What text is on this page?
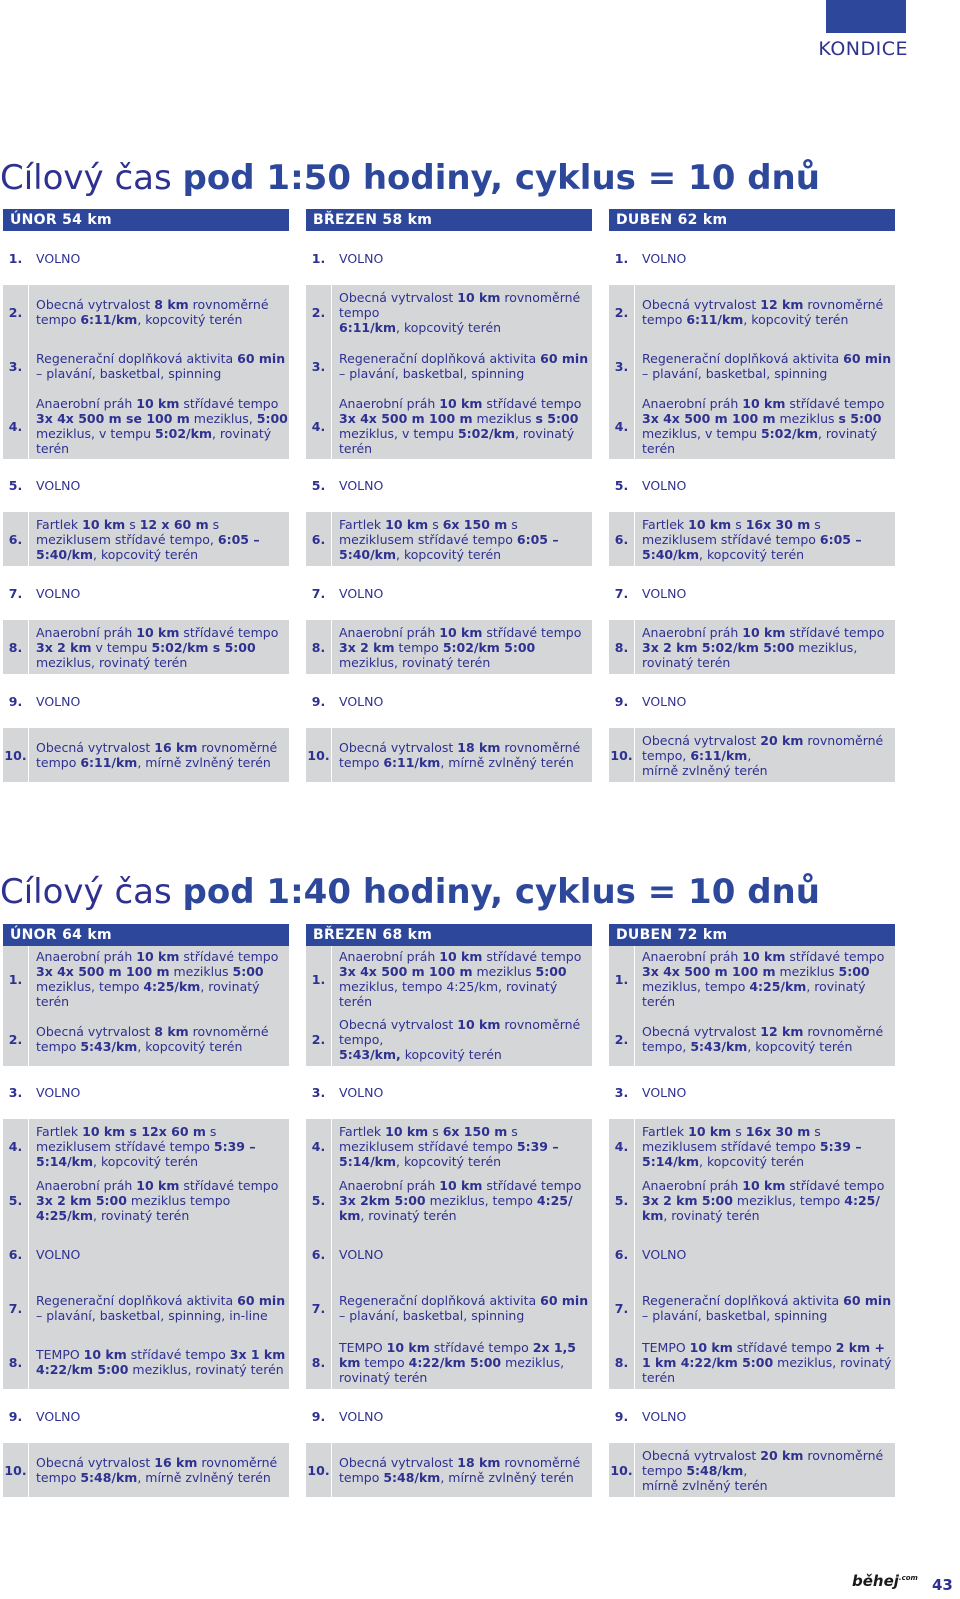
KONDICE
Cílový čas pod 1:50 hodiny, cyklus = 10 dnů
Cílový čas pod 1:40 hodiny, cyklus = 10 dnů
ÚNOR 54 km
1.	VOLNO
2.	Obecná vytrvalost 8 km rovnoměrné tempo 6:11/km, kopcovitý terén
3.	Regenerační doplňková aktivita 60 min – plavání, basketbal, spinning
4.
Anaerobní práh 10 km střídavé tempo 3x 4x 500 m se 100 m meziklus, 5:00 meziklus, v tempu 5:02/km, rovinatý terén
5.	VOLNO
6.
Fartlek 10 km s 12 x 60 m s meziklusem střídavé tempo, 6:05 – 5:40/km, kopcovitý terén
7.	VOLNO
8.
Anaerobní práh 10 km střídavé tempo 3x 2 km v tempu 5:02/km s 5:00 meziklus, rovinatý terén
9.	VOLNO
10. Obecná vytrvalost 16 km rovnoměrné tempo 6:11/km, mírně zvlněný terén
BŘEZEN 58 km
1.	VOLNO
2.
Obecná vytrvalost 10 km rovnoměrné tempo
6:11/km, kopcovitý terén
3.	Regenerační doplňková aktivita 60 min – plavání, basketbal, spinning
4.
Anaerobní práh 10 km střídavé tempo 3x 4x 500 m 100 m meziklus s 5:00 meziklus, v tempu 5:02/km, rovinatý terén
5.	VOLNO
6.
Fartlek 10 km s 6x 150 m s meziklusem střídavé tempo 6:05 – 5:40/km, kopcovitý terén
7.	VOLNO
8.
Anaerobní práh 10 km střídavé tempo 3x 2 km tempo 5:02/km 5:00 meziklus, rovinatý terén
9.	VOLNO
10. Obecná vytrvalost 18 km rovnoměrné tempo 6:11/km, mírně zvlněný terén
DUBEN 62 km
1.	VOLNO
2.	Obecná vytrvalost 12 km rovnoměrné tempo 6:11/km, kopcovitý terén
3.	Regenerační doplňková aktivita 60 min – plavání, basketbal, spinning
4.
Anaerobní práh 10 km střídavé tempo 3x 4x 500 m 100 m meziklus s 5:00 meziklus, v tempu 5:02/km, rovinatý terén
5.	VOLNO
6.
Fartlek 10 km s 16x 30 m s meziklusem střídavé tempo 6:05 – 5:40/km, kopcovitý terén
7.	VOLNO
8.
Anaerobní práh 10 km střídavé tempo 3x 2 km 5:02/km 5:00 meziklus, rovinatý terén
9.	VOLNO
10.
Obecná vytrvalost 20 km rovnoměrné tempo, 6:11/km,
mírně zvlněný terén
ÚNOR 64 km
1.
Anaerobní práh 10 km střídavé tempo 3x 4x 500 m 100 m meziklus 5:00 meziklus, tempo 4:25/km, rovinatý terén
2.	Obecná vytrvalost 8 km rovnoměrné tempo 5:43/km, kopcovitý terén
3.	VOLNO
4.
Fartlek 10 km s 12x 60 m s meziklusem střídavé tempo 5:39 – 5:14/km, kopcovitý terén
5.
Anaerobní práh 10 km střídavé tempo 3x 2 km 5:00 meziklus tempo 4:25/km, rovinatý terén
6.	VOLNO
7.	Regenerační doplňková aktivita 60 min – plavání, basketbal, spinning, in-line
8.	TEMPO 10 km střídavé tempo 3x 1 km 4:22/km 5:00 meziklus, rovinatý terén
9.	VOLNO
10. Obecná vytrvalost 16 km rovnoměrné tempo 5:48/km, mírně zvlněný terén
BŘEZEN 68 km
1.
Anaerobní práh 10 km střídavé tempo 3x 4x 500 m 100 m meziklus 5:00 meziklus, tempo 4:25/km, rovinatý terén
2.
Obecná vytrvalost 10 km rovnoměrné tempo,
5:43/km, kopcovitý terén
3.	VOLNO
4.
Fartlek 10 km s 6x 150 m s meziklusem střídavé tempo 5:39 – 5:14/km, kopcovitý terén
5.
Anaerobní práh 10 km střídavé tempo 3x 2km 5:00 meziklus, tempo 4:25/ km, rovinatý terén
6.	VOLNO
7.	Regenerační doplňková aktivita 60 min – plavání, basketbal, spinning
8.
TEMPO 10 km střídavé tempo 2x 1,5 km tempo 4:22/km 5:00 meziklus, rovinatý terén
9.	VOLNO
10. Obecná vytrvalost 18 km rovnoměrné tempo 5:48/km, mírně zvlněný terén
DUBEN 72 km
1.
Anaerobní práh 10 km střídavé tempo 3x 4x 500 m 100 m meziklus 5:00 meziklus, tempo 4:25/km, rovinatý terén
2.	Obecná vytrvalost 12 km rovnoměrné tempo, 5:43/km, kopcovitý terén
3.	VOLNO
4.
Fartlek 10 km s 16x 30 m s meziklusem střídavé tempo 5:39 – 5:14/km, kopcovitý terén
5.
Anaerobní práh 10 km střídavé tempo 3x 2 km 5:00 meziklus, tempo 4:25/ km, rovinatý terén
6.	VOLNO
7.	Regenerační doplňková aktivita 60 min – plavání, basketbal, spinning
8.
TEMPO 10 km střídavé tempo 2 km + 1 km 4:22/km 5:00 meziklus, rovinatý terén
9.	VOLNO
10.
Obecná vytrvalost 20 km rovnoměrné tempo 5:48/km,
mírně zvlněný terén
běhej$^{.com}$ 43
